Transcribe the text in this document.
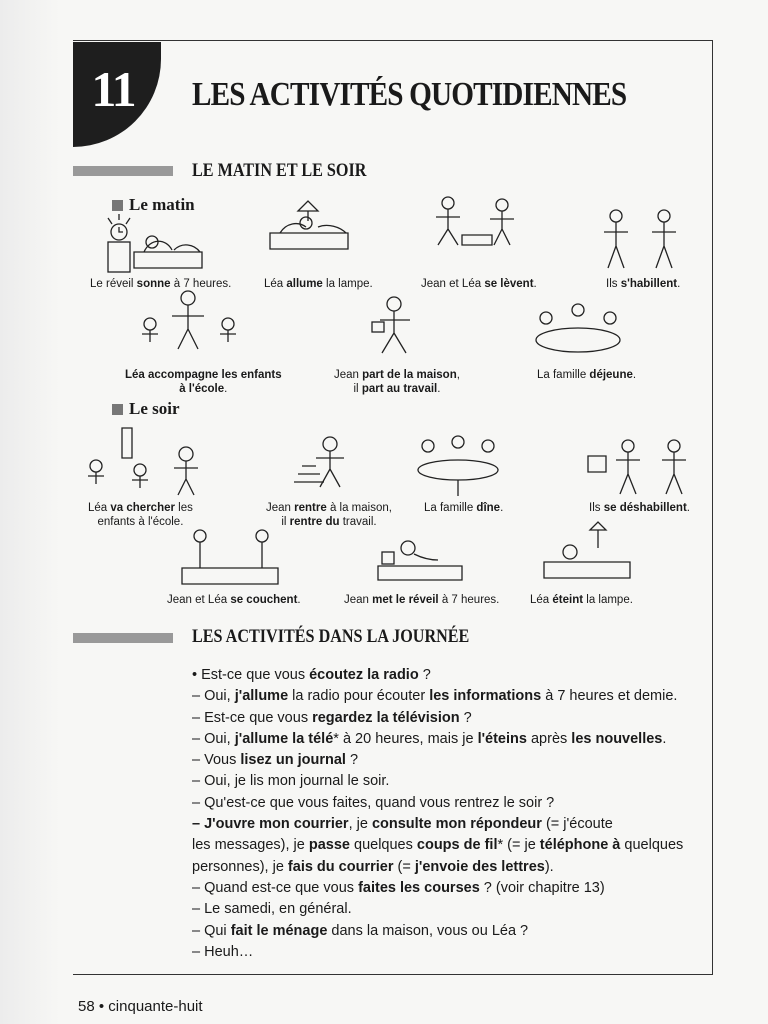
11 LES ACTIVITÉS QUOTIDIENNES
LE MATIN ET LE SOIR
Le matin
Le soir
Le réveil sonne à 7 heures.	Léa allume la lampe.	Jean et Léa se lèvent.	Ils s'habillent.
Léa accompagne les enfants
à l'école.
Jean part de la maison,
il part au travail.
La famille déjeune.
Léa va chercher les
enfants à l'école.
Jean rentre à la maison,
il rentre du travail.
La famille dîne.	Ils se déshabillent.
Jean et Léa se couchent.	Jean met le réveil à 7 heures.	Léa éteint la lampe.
LES ACTIVITÉS DANS LA JOURNÉE
• Est-ce que vous écoutez la radio ?
– Oui, j'allume la radio pour écouter les informations à 7 heures et demie.
– Est-ce que vous regardez la télévision ?
– Oui, j'allume la télé* à 20 heures, mais je l'éteins après les nouvelles.
– Vous lisez un journal ?
– Oui, je lis mon journal le soir.
– Qu'est-ce que vous faites, quand vous rentrez le soir ?
– J'ouvre mon courrier, je consulte mon répondeur (= j'écoute
les messages), je passe quelques coups de fil* (= je téléphone à quelques
personnes), je fais du courrier (= j'envoie des lettres).
– Quand est-ce que vous faites les courses ? (voir chapitre 13)
– Le samedi, en général.
– Qui fait le ménage dans la maison, vous ou Léa ?
– Heuh…
58 • cinquante-huit
